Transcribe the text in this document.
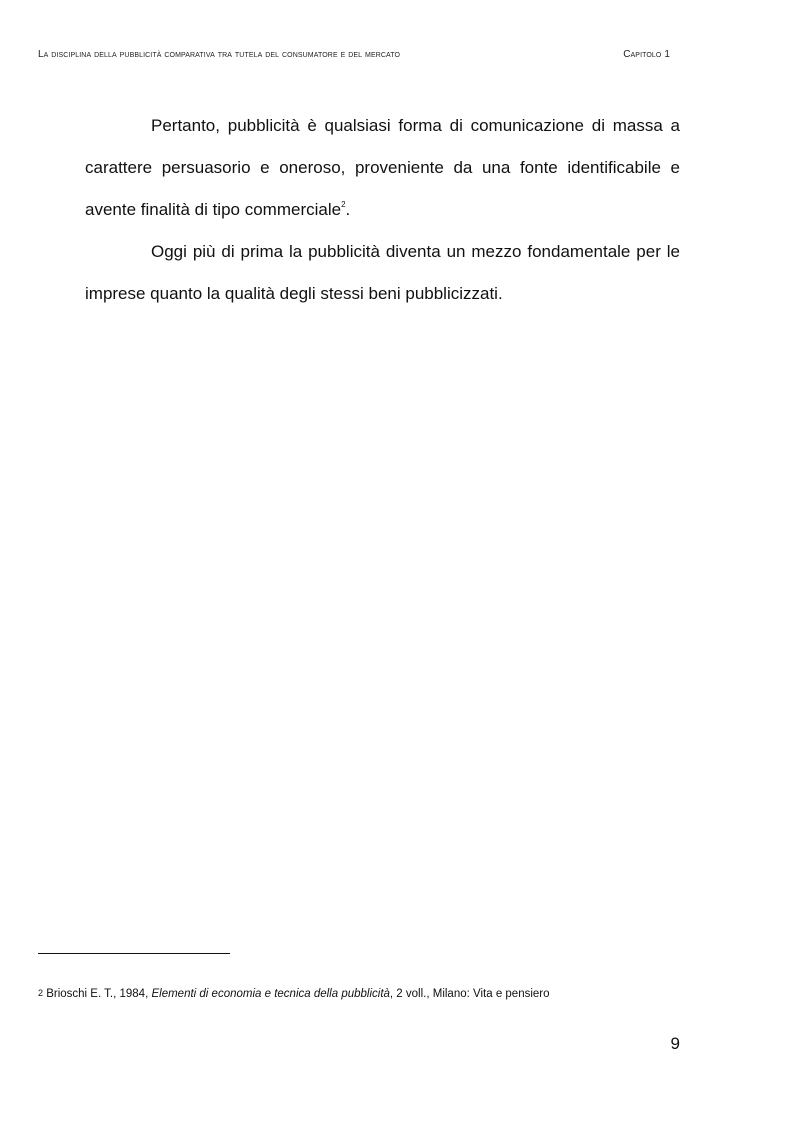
La disciplina della pubblicità comparativa tra tutela del consumatore e del mercato	Capitolo 1

Pertanto, pubblicità è qualsiasi forma di comunicazione di massa a carattere persuasorio e oneroso, proveniente da una fonte identificabile e avente finalità di tipo commerciale$^2$.

Oggi più di prima la pubblicità diventa un mezzo fondamentale per le imprese quanto la qualità degli stessi beni pubblicizzati.

2 Brioschi E. T., 1984, Elementi di economia e tecnica della pubblicità, 2 voll., Milano: Vita e pensiero
9
